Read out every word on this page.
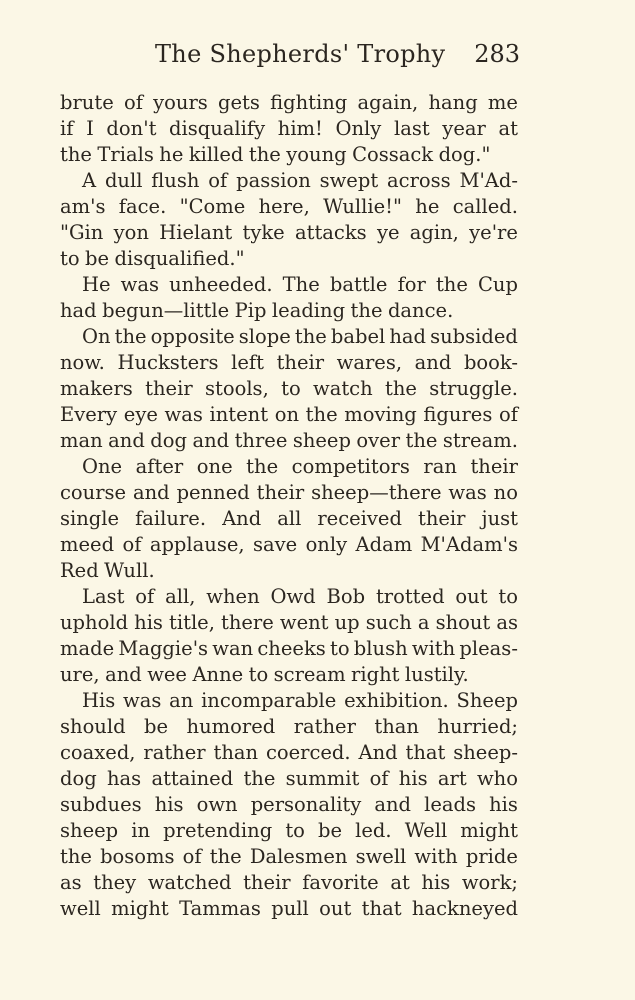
The Shepherds' Trophy 283
brute of yours gets fighting again, hang me
if I don't disqualify him! Only last year at
the Trials he killed the young Cossack dog."
A dull flush of passion swept across M'Ad-
am's face. "Come here, Wullie!" he called.
"Gin yon Hielant tyke attacks ye agin, ye're
to be disqualified."
He was unheeded. The battle for the Cup
had begun—little Pip leading the dance.
On the opposite slope the babel had subsided
now. Hucksters left their wares, and book-
makers their stools, to watch the struggle.
Every eye was intent on the moving figures of
man and dog and three sheep over the stream.
One after one the competitors ran their
course and penned their sheep—there was no
single failure. And all received their just
meed of applause, save only Adam M'Adam's
Red Wull.
Last of all, when Owd Bob trotted out to
uphold his title, there went up such a shout as
made Maggie's wan cheeks to blush with pleas-
ure, and wee Anne to scream right lustily.
His was an incomparable exhibition. Sheep
should be humored rather than hurried;
coaxed, rather than coerced. And that sheep-
dog has attained the summit of his art who
subdues his own personality and leads his
sheep in pretending to be led. Well might
the bosoms of the Dalesmen swell with pride
as they watched their favorite at his work;
well might Tammas pull out that hackneyed
